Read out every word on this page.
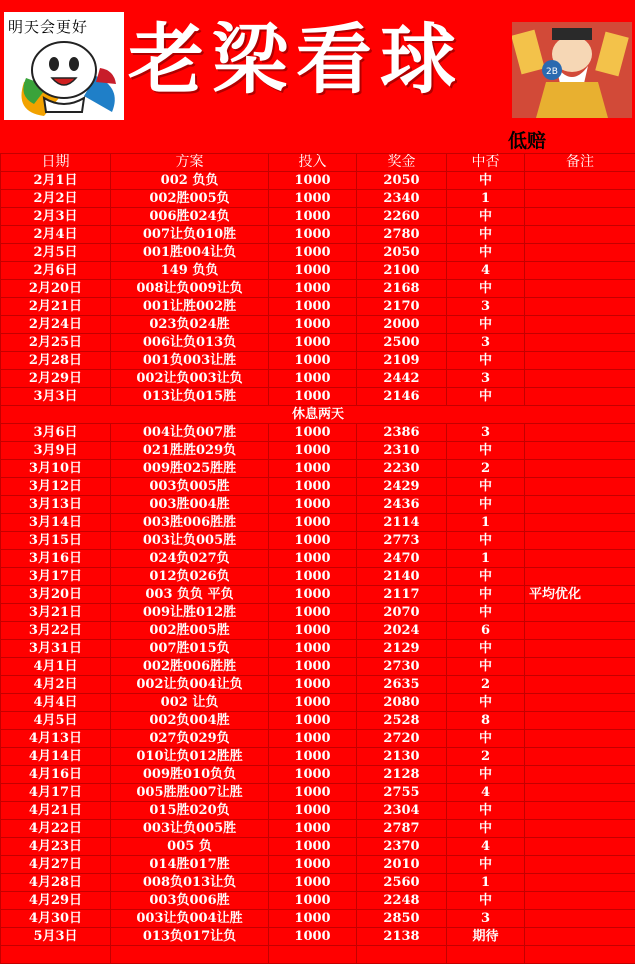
明天会更好 老梁看球	2B
低赔
日期	方案	投入	奖金	中否	备注
2月1日	002 负负	1000	2050	中	
2月2日	002胜005负	1000	2340	1	
2月3日	006胜024负	1000	2260	中	
2月4日	007让负010胜	1000	2780	中	
2月5日	001胜004让负	1000	2050	中	
2月6日	149 负负	1000	2100	4	
2月20日	008让负009让负	1000	2168	中	
2月21日	001让胜002胜	1000	2170	3	
2月24日	023负024胜	1000	2000	中	
2月25日	006让负013负	1000	2500	3	
2月28日	001负003让胜	1000	2109	中	
2月29日	002让负003让负	1000	2442	3	
3月3日	013让负015胜	1000	2146	中	
休息两天					
3月6日	004让负007胜	1000	2386	3	
3月9日	021胜胜029负	1000	2310	中	
3月10日	009胜025胜胜	1000	2230	2	
3月12日	003负005胜	1000	2429	中	
3月13日	003胜004胜	1000	2436	中	
3月14日	003胜006胜胜	1000	2114	1	
3月15日	003让负005胜	1000	2773	中	
3月16日	024负027负	1000	2470	1	
3月17日	012负026负	1000	2140	中	
3月20日	003 负负 平负	1000	2117	中	平均优化
3月21日	009让胜012胜	1000	2070	中	
3月22日	002胜005胜	1000	2024	6	
3月31日	007胜015负	1000	2129	中	
4月1日	002胜006胜胜	1000	2730	中	
4月2日	002让负004让负	1000	2635	2	
4月4日	002 让负	1000	2080	中	
4月5日	002负004胜	1000	2528	8	
4月13日	027负029负	1000	2720	中	
4月14日	010让负012胜胜	1000	2130	2	
4月16日	009胜010负负	1000	2128	中	
4月17日	005胜胜007让胜	1000	2755	4	
4月21日	015胜020负	1000	2304	中	
4月22日	003让负005胜	1000	2787	中	
4月23日	005 负	1000	2370	4	
4月27日	014胜017胜	1000	2010	中	
4月28日	008负013让负	1000	2560	1	
4月29日	003负006胜	1000	2248	中	
4月30日	003让负004让胜	1000	2850	3	
5月3日	013负017让负	1000	2138	期待	
